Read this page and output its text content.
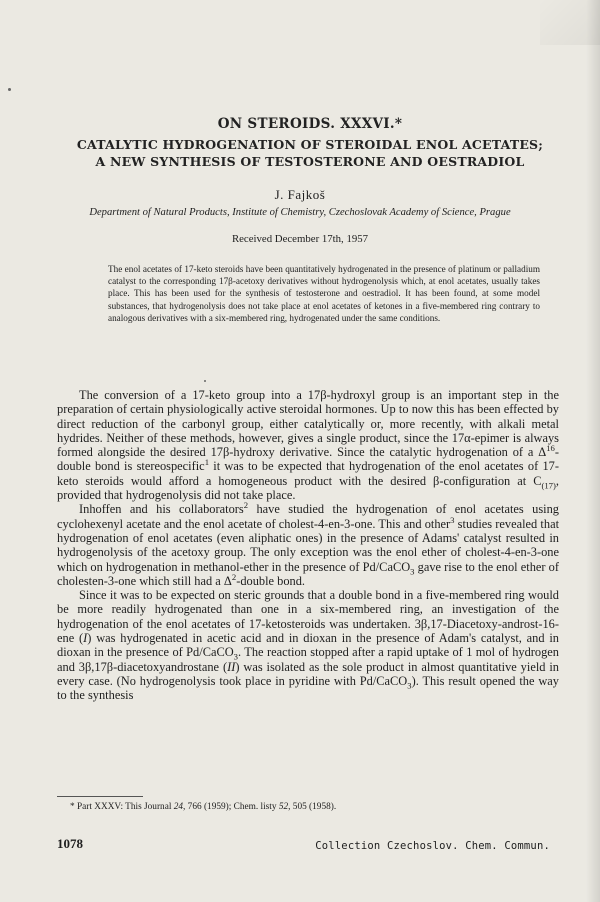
ON STEROIDS. XXXVI.*
CATALYTIC HYDROGENATION OF STEROIDAL ENOL ACETATES;
A NEW SYNTHESIS OF TESTOSTERONE AND OESTRADIOL
J. Fajkoš
Department of Natural Products, Institute of Chemistry, Czechoslovak Academy of Science, Prague
Received December 17th, 1957

The enol acetates of 17-keto steroids have been quantitatively hydrogenated in the presence of platinum or palladium catalyst to the corresponding 17β-acetoxy derivatives without hydrogenolysis which, at enol acetates, usually takes place. This has been used for the synthesis of testosterone and oestradiol. It has been found, at some model substances, that hydrogenolysis does not take place at enol acetates of ketones in a five-membered ring contrary to analogous derivatives with a six-membered ring, hydrogenated under the same conditions.

The conversion of a 17-keto group into a 17β-hydroxyl group is an important step in the preparation of certain physiologically active steroidal hormones. Up to now this has been effected by direct reduction of the carbonyl group, either catalytically or, more recently, with alkali metal hydrides. Neither of these methods, however, gives a single product, since the 17α-epimer is always formed alongside the desired 17β-hydroxy derivative. Since the catalytic hydrogenation of a $\Delta^{16}$-double bond is stereospecific$^1$ it was to be expected that hydrogenation of the enol acetates of 17-keto steroids would afford a homogeneous product with the desired β-configuration at $C_{(17)}$, provided that hydrogenolysis did not take place.

Inhoffen and his collaborators$^2$ have studied the hydrogenation of enol acetates using cyclohexenyl acetate and the enol acetate of cholest-4-en-3-one. This and other$^3$ studies revealed that hydrogenation of enol acetates (even aliphatic ones) in the presence of Adams' catalyst resulted in hydrogenolysis of the acetoxy group. The only exception was the enol ether of cholest-4-en-3-one which on hydrogenation in methanol-ether in the presence of Pd/CaCO$_3$ gave rise to the enol ether of cholesten-3-one which still had a $\Delta^2$-double bond.

Since it was to be expected on steric grounds that a double bond in a five-membered ring would be more readily hydrogenated than one in a six-membered ring, an investigation of the hydrogenation of the enol acetates of 17-ketosteroids was undertaken. 3β,17-Diacetoxy-androst-16-ene (I) was hydrogenated in acetic acid and in dioxan in the presence of Adam's catalyst, and in dioxan in the presence of Pd/CaCO$_3$. The reaction stopped after a rapid uptake of 1 mol of hydrogen and 3β,17β-diacetoxyandrostane (II) was isolated as the sole product in almost quantitative yield in every case. (No hydrogenolysis took place in pyridine with Pd/CaCO$_3$). This result opened the way to the synthesis

* Part XXXV: This Journal 24, 766 (1959); Chem. listy 52, 505 (1958).
1078	Collection Czechoslov. Chem. Commun.
